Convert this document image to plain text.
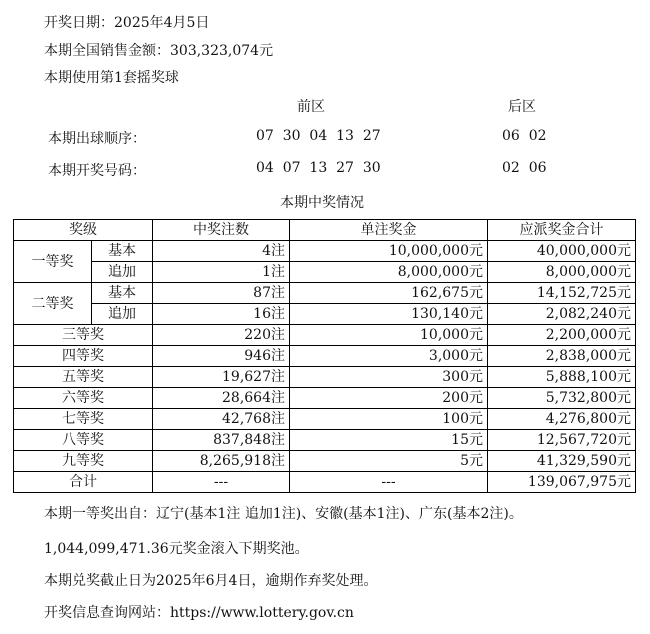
开奖日期：2025年4月5日
本期全国销售金额：303,323,074元
本期使用第1套摇奖球
前区	后区
本期出球顺序：	07  30  04  13  27	06  02
本期开奖号码：	04  07  13  27  30	02  06
本期中奖情况
奖级		中奖注数	单注奖金	应派奖金合计
一等奖	基本	4注	10,000,000元	40,000,000元
	追加	1注	8,000,000元	8,000,000元
二等奖	基本	87注	162,675元	14,152,725元
	追加	16注	130,140元	2,082,240元
三等奖		220注	10,000元	2,200,000元
四等奖		946注	3,000元	2,838,000元
五等奖		19,627注	300元	5,888,100元
六等奖		28,664注	200元	5,732,800元
七等奖		42,768注	100元	4,276,800元
八等奖		837,848注	15元	12,567,720元
九等奖		8,265,918注	5元	41,329,590元
合计		---	---	139,067,975元
本期一等奖出自：辽宁(基本1注 追加1注)、安徽(基本1注)、广东(基本2注)。
1,044,099,471.36元奖金滚入下期奖池。
本期兑奖截止日为2025年6月4日，逾期作弃奖处理。
开奖信息查询网站：https://www.lottery.gov.cn
